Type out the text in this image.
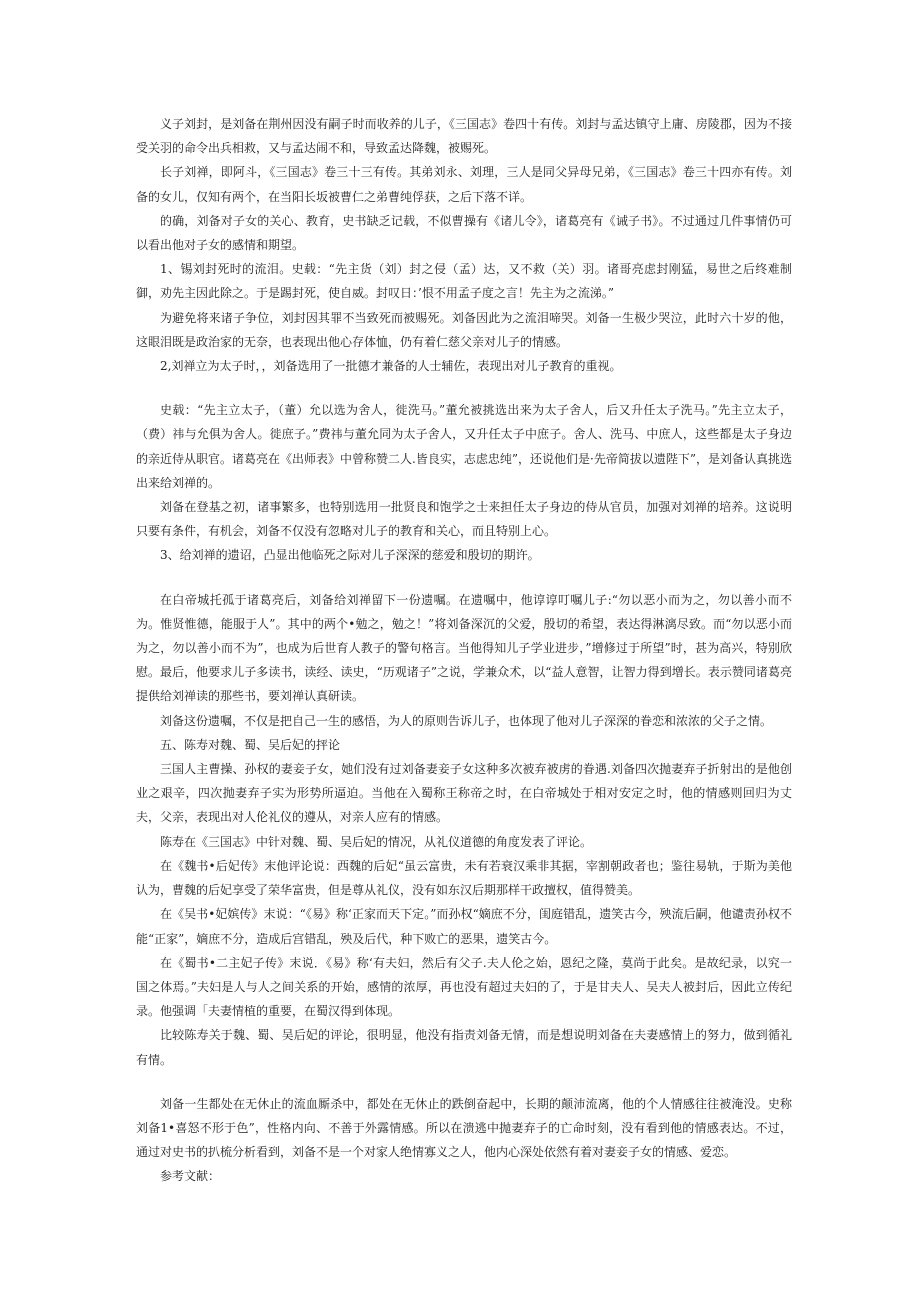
义子刘封，是刘备在荆州因没有嗣子时而收养的儿子，《三国志》卷四十有传。刘封与孟达镇守上庸、房陵郡，因为不接受关羽的命令出兵相救，又与孟达闹不和，导致孟达降魏，被赐死。

长子刘禅，即阿斗，《三国志》卷三十三有传。其弟刘永、刘理，三人是同父异母兄弟，《三国志》卷三十四亦有传。刘备的女儿，仅知有两个，在当阳长坂被曹仁之弟曹纯俘获，之后下落不详。

的确，刘备对子女的关心、教育，史书缺乏记载，不似曹操有《诸儿令》，诸葛亮有《诫子书》。不过通过几件事情仍可以看出他对子女的感情和期望。

1、锡刘封死时的流泪。史载：“先主货（刘）封之侵（孟）达，又不救（关）羽。诸哥亮虑封刚猛，易世之后终难制御，劝先主因此除之。于是踢封死，使自威。封叹日：’恨不用孟子度之言！先主为之流涕。”

为避免将来诸子争位，刘封因其罪不当致死而被赐死。刘备因此为之流泪啼哭。刘备一生极少哭泣，此时六十岁的他，这眼泪既是政治家的无奈，也表现出他心存体恤，仍有着仁慈父亲对儿子的情感。

2,刘禅立为太子时，，刘备选用了一批德才兼备的人士辅佐，表现出对儿子教育的重视。

史载：“先主立太子，（董）允以选为舍人，徙洗马。”董允被挑选出来为太子舍人，后又升任太子洗马。”先主立太子，（费）祎与允俱为舍人。徙庶子。”费祎与董允同为太子舍人，又升任太子中庶子。舍人、洗马、中庶人，这些都是太子身边的亲近侍从职官。诸葛亮在《出师表》中曾称赞二人.皆良实，志虑忠纯”，还说他们是·先帝简拔以遗陛下”，是刘备认真挑选出来给刘禅的。

刘备在登基之初，诸事繁多，也特别选用一批贤良和饱学之士来担任太子身边的侍从官员，加强对刘禅的培养。这说明只要有条件，有机会，刘备不仅没有忽略对儿子的教育和关心，而且特别上心。

3、给刘禅的遗诏，凸显出他临死之际对儿子深深的慈爱和殷切的期许。

在白帝城托孤于诸葛亮后，刘备给刘禅留下一份遗嘱。在遗嘱中，他谆谆叮嘱儿子:“勿以恶小而为之，勿以善小而不为。惟贤惟德，能服于人”。其中的两个•勉之，勉之！”将刘备深沉的父爱，殷切的希望，表达得淋漓尽致。而“勿以恶小而为之，勿以善小而不为”，也成为后世育人教子的警句格言。当他得知儿子学业进步，”增修过于所望”时，甚为高兴，特别欣慰。最后，他要求儿子多读书，读经、读史，“历观诸子”之说，学兼众术，以“益人意智，让智力得到增长。表示赞同诸葛亮提供给刘禅读的那些书，要刘禅认真研读。

刘备这份遗嘱，不仅是把自己一生的感悟，为人的原则告诉儿子，也体现了他对儿子深深的眷恋和浓浓的父子之情。

五、陈寿对魏、蜀、吴后妃的抨论

三国人主曹操、孙权的妻妾子女，她们没有过刘备妻妾子女这种多次被弃被虏的眷遇.刘备四次抛妻弃子折射出的是他创业之艰辛，四次抛妻弃子实为形势所逼迫。当他在入蜀称王称帝之时，在白帝城处于相对安定之时，他的情感则回归为丈夫，父亲，表现出对人伦礼仪的遵从，对亲人应有的情感。

陈寿在《三国志》中针对魏、蜀、吴后妃的情况，从礼仪道德的角度发表了评论。

在《魏书•后妃传》末他评论说：西魏的后妃“虽云富贵，未有若衰汉乘非其据，宰割朝政者也；鉴往易轨，于斯为美他认为，曹魏的后妃享受了荣华富贵，但是尊从礼仪，没有如东汉后期那样干政擅权，值得赞美。

在《吴书•妃嫔传》末说：“《易》称‘正家而天下定。”而孙权“嫡庶不分，闺庭错乱，遗笑古今，殃流后嗣，他谴责孙权不能“正家”，嫡庶不分，造成后宫错乱，殃及后代，种下败亡的恶果，遗笑古今。

在《蜀书•二主妃子传》末说．《易》称‘有夫妇，然后有父子.夫人伦之始，恩纪之隆，莫尚于此矣。是故纪录，以究一国之体焉。”夫妇是人与人之间关系的开始，感情的浓厚，再也没有超过夫妇的了，于是甘夫人、吴夫人被封后，因此立传纪录。他强调「夫妻情植的重要，在蜀汉得到体现。

比较陈寿关于魏、蜀、吴后妃的评论，很明显，他没有指责刘备无情，而是想说明刘备在夫妻感情上的努力，做到循礼有情。

刘备一生都处在无休止的流血厮杀中，都处在无休止的跌倒奋起中，长期的颠沛流离，他的个人情感往往被淹没。史称刘备1•喜怒不形于色”，性格内向、不善于外露情感。所以在溃逃中抛妻弃子的亡命时刻，没有看到他的情感表达。不过，通过对史书的扒梳分析看到，刘备不是一个对家人绝情寡义之人，他内心深处依然有着对妻妾子女的情感、爱恋。

参考文献：
